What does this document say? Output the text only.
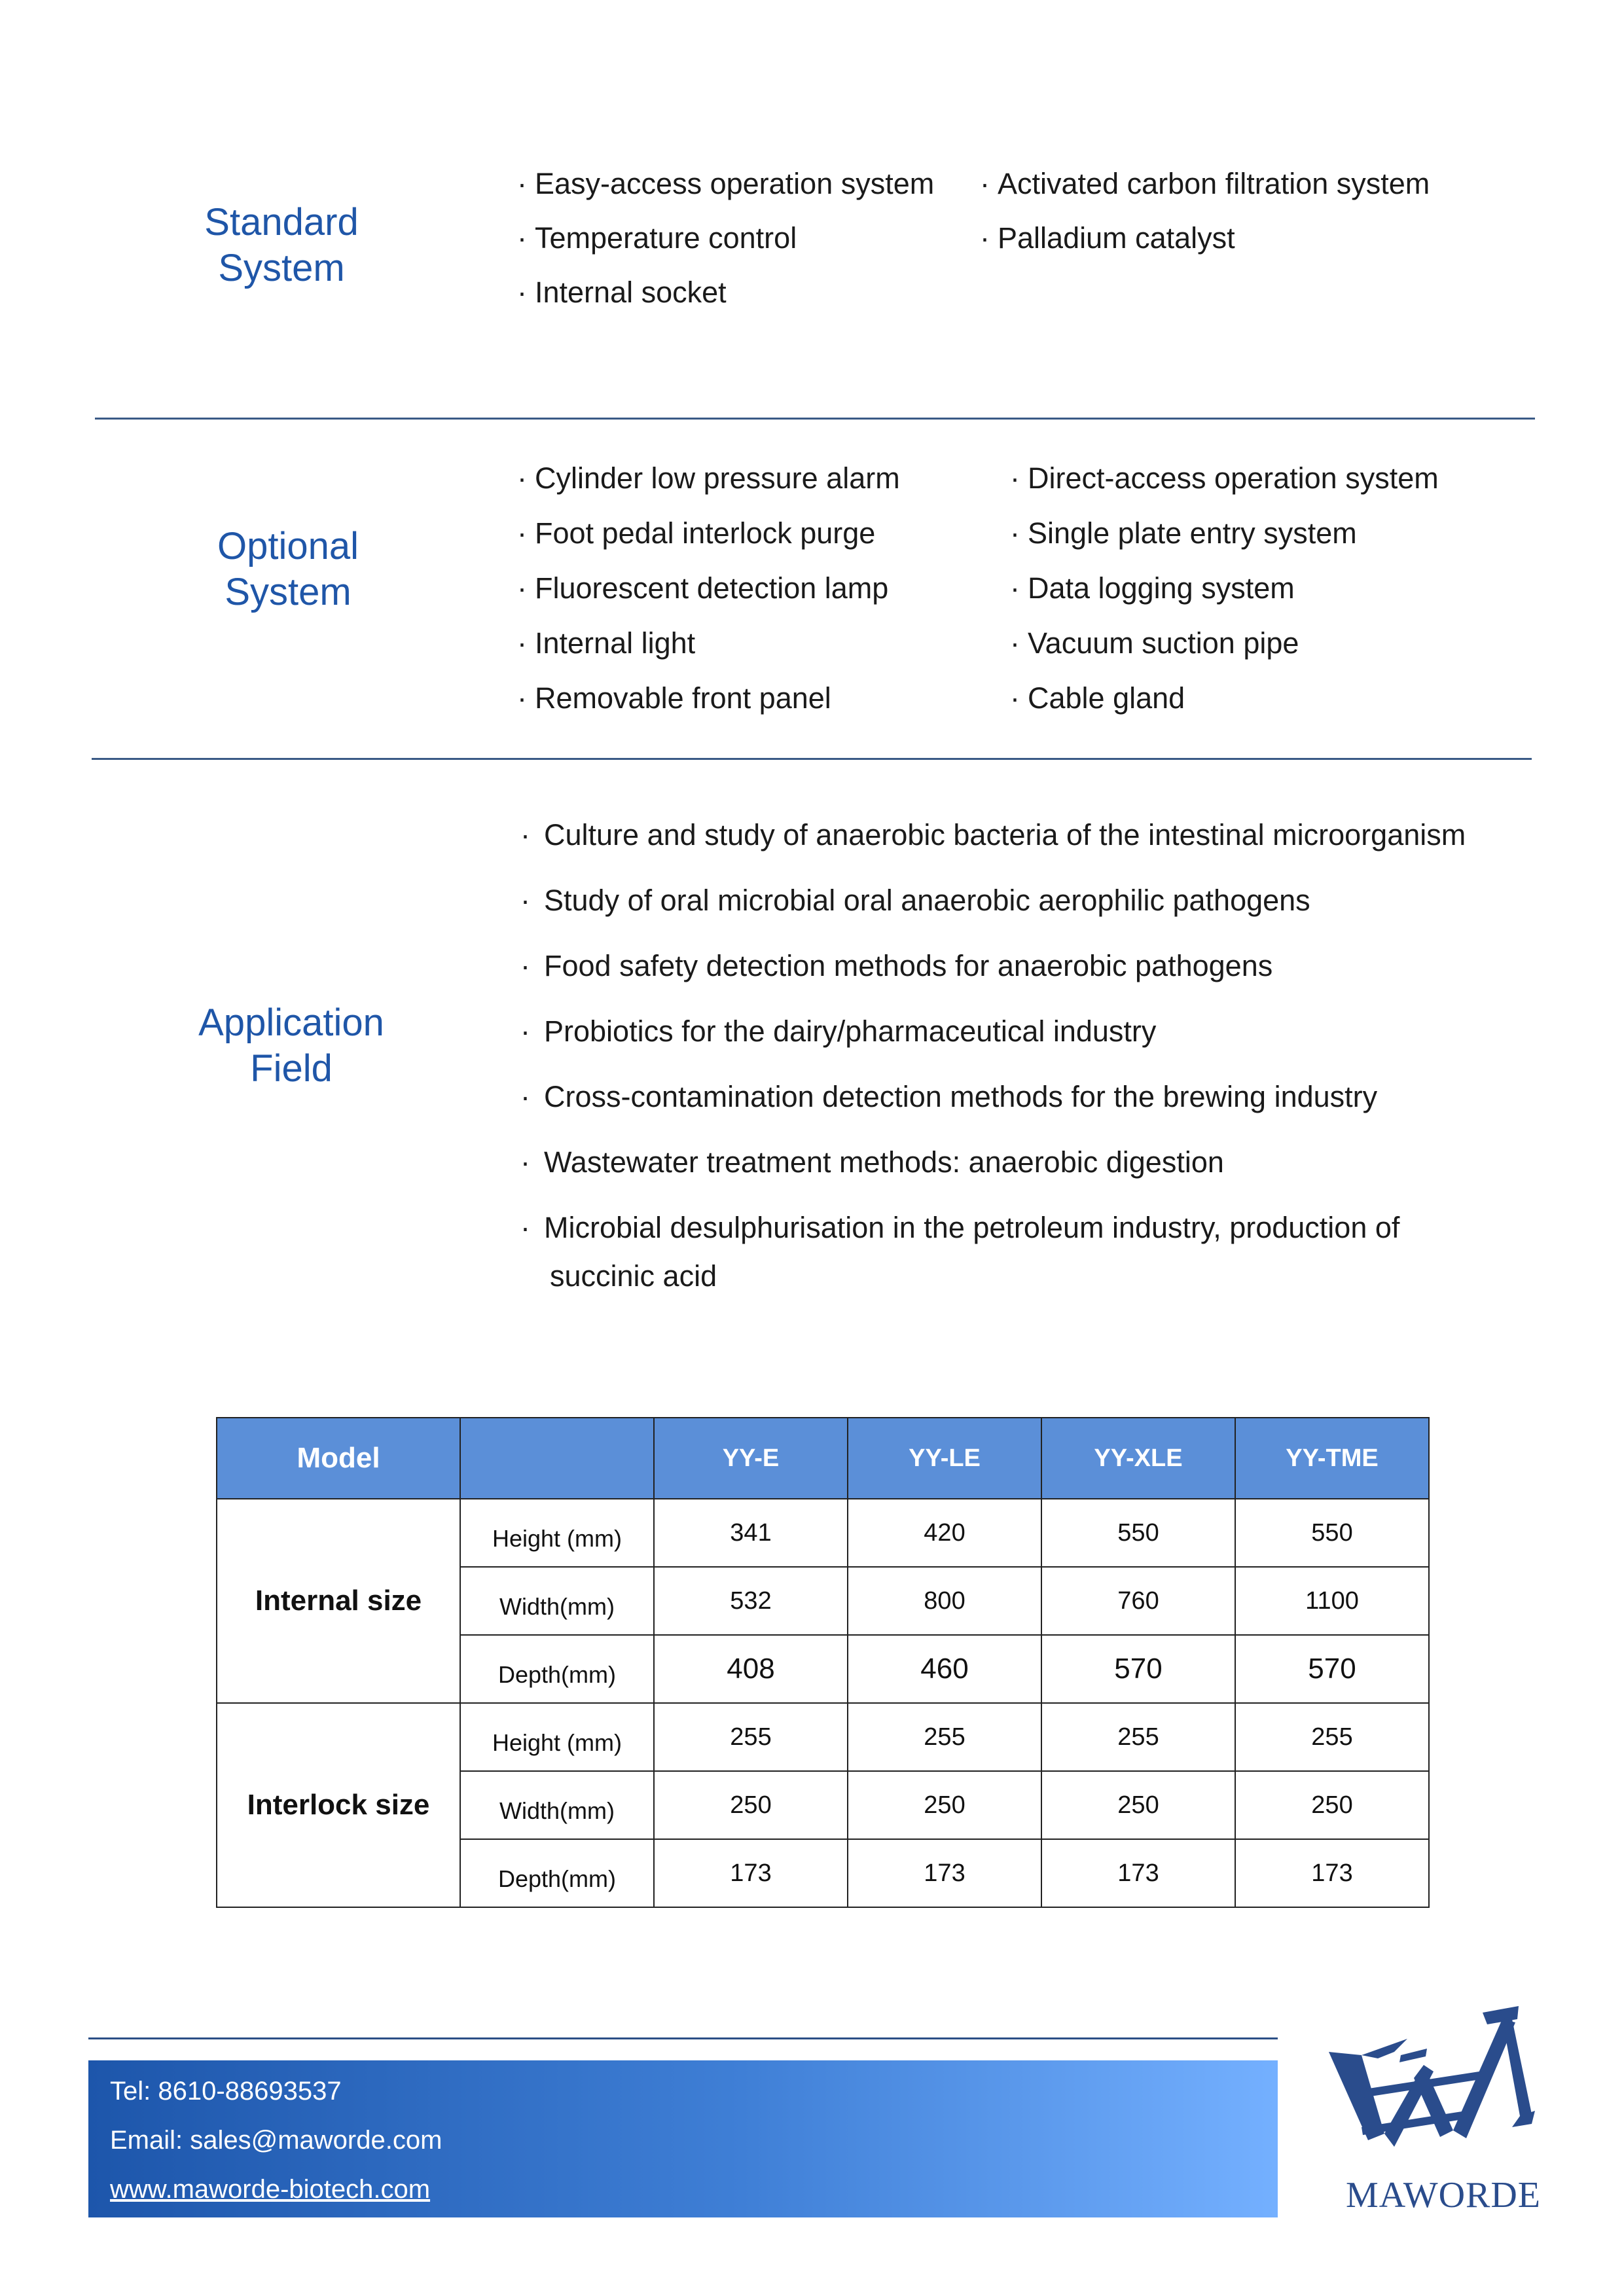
Standard
System
· Easy-access operation system
· Temperature control
· Internal socket
· Activated carbon filtration system
· Palladium catalyst
Optional
System
· Cylinder low pressure alarm
· Foot pedal interlock purge
· Fluorescent detection lamp
· Internal light
· Removable front panel
· Direct-access operation system
· Single plate entry system
· Data logging system
· Vacuum suction pipe
· Cable gland
Application
Field
· Culture and study of anaerobic bacteria of the intestinal microorganism
· Study of oral microbial oral anaerobic aerophilic pathogens
· Food safety detection methods for anaerobic pathogens
· Probiotics for the dairy/pharmaceutical industry
· Cross-contamination detection methods for the brewing industry
· Wastewater treatment methods: anaerobic digestion
· Microbial desulphurisation in the petroleum industry, production of
succinic acid
Model		YY-E	YY-LE	YY-XLE	YY-TME
Internal size	Height (mm)	341	420	550	550
	Width(mm)	532	800	760	1100
	Depth(mm)	408	460	570	570
Interlock size	Height (mm)	255	255	255	255
	Width(mm)	250	250	250	250
	Depth(mm)	173	173	173	173
Tel: 8610-88693537
Email: sales@maworde.com
www.maworde-biotech.com	MAWORDE
